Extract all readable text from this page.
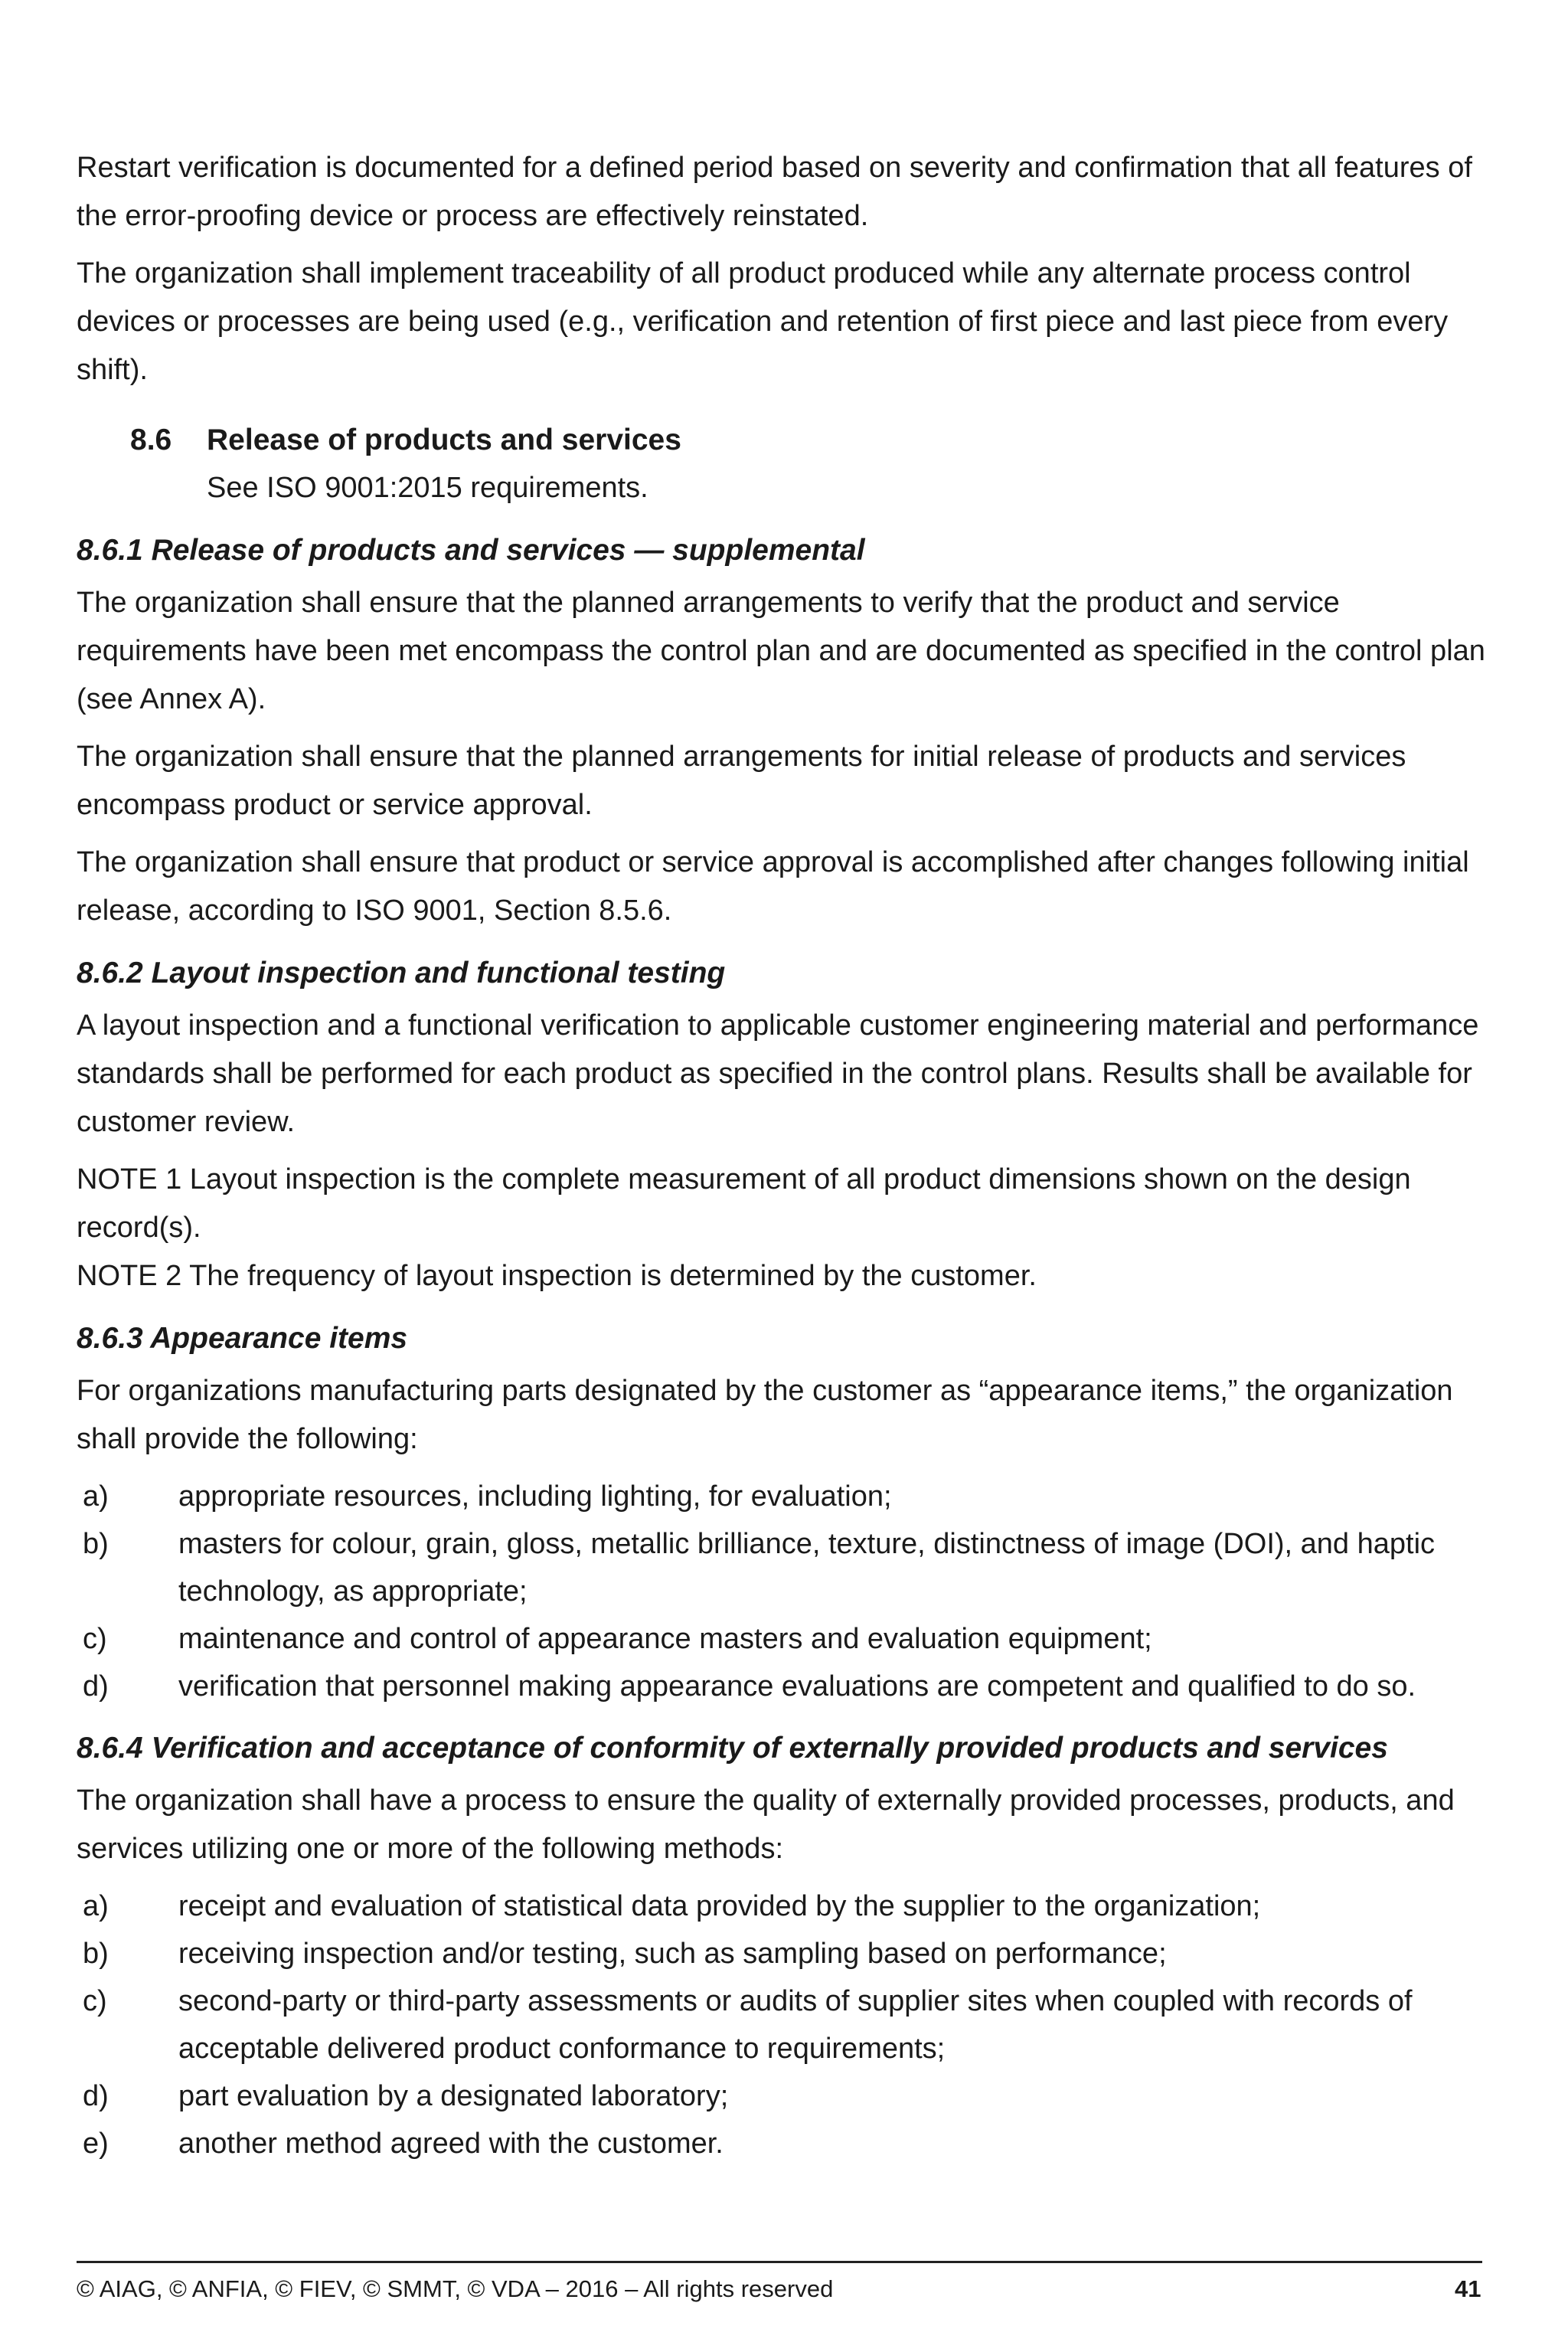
Restart verification is documented for a defined period based on severity and confirmation that all features of the error-proofing device or process are effectively reinstated.

The organization shall implement traceability of all product produced while any alternate process control devices or processes are being used (e.g., verification and retention of first piece and last piece from every shift).

8.6	Release of products and services

See ISO 9001:2015 requirements.

8.6.1 Release of products and services — supplemental

The organization shall ensure that the planned arrangements to verify that the product and service requirements have been met encompass the control plan and are documented as specified in the control plan (see Annex A).

The organization shall ensure that the planned arrangements for initial release of products and services encompass product or service approval.

The organization shall ensure that product or service approval is accomplished after changes following initial release, according to ISO 9001, Section 8.5.6.

8.6.2 Layout inspection and functional testing

A layout inspection and a functional verification to applicable customer engineering material and performance standards shall be performed for each product as specified in the control plans. Results shall be available for customer review.

NOTE 1 Layout inspection is the complete measurement of all product dimensions shown on the design record(s).

NOTE 2 The frequency of layout inspection is determined by the customer.

8.6.3 Appearance items

For organizations manufacturing parts designated by the customer as “appearance items,” the organization shall provide the following:

a)	appropriate resources, including lighting, for evaluation;
b)	masters for colour, grain, gloss, metallic brilliance, texture, distinctness of image (DOI), and haptic technology, as appropriate;
c)	maintenance and control of appearance masters and evaluation equipment;
d)	verification that personnel making appearance evaluations are competent and qualified to do so.
8.6.4 Verification and acceptance of conformity of externally provided products and services

The organization shall have a process to ensure the quality of externally provided processes, products, and services utilizing one or more of the following methods:

a)	receipt and evaluation of statistical data provided by the supplier to the organization;
b)	receiving inspection and/or testing, such as sampling based on performance;
c)	second-party or third-party assessments or audits of supplier sites when coupled with records of acceptable delivered product conformance to requirements;
d)	part evaluation by a designated laboratory;
e)	another method agreed with the customer.
© AIAG, © ANFIA, © FIEV, © SMMT, © VDA – 2016 – All rights reserved	41
